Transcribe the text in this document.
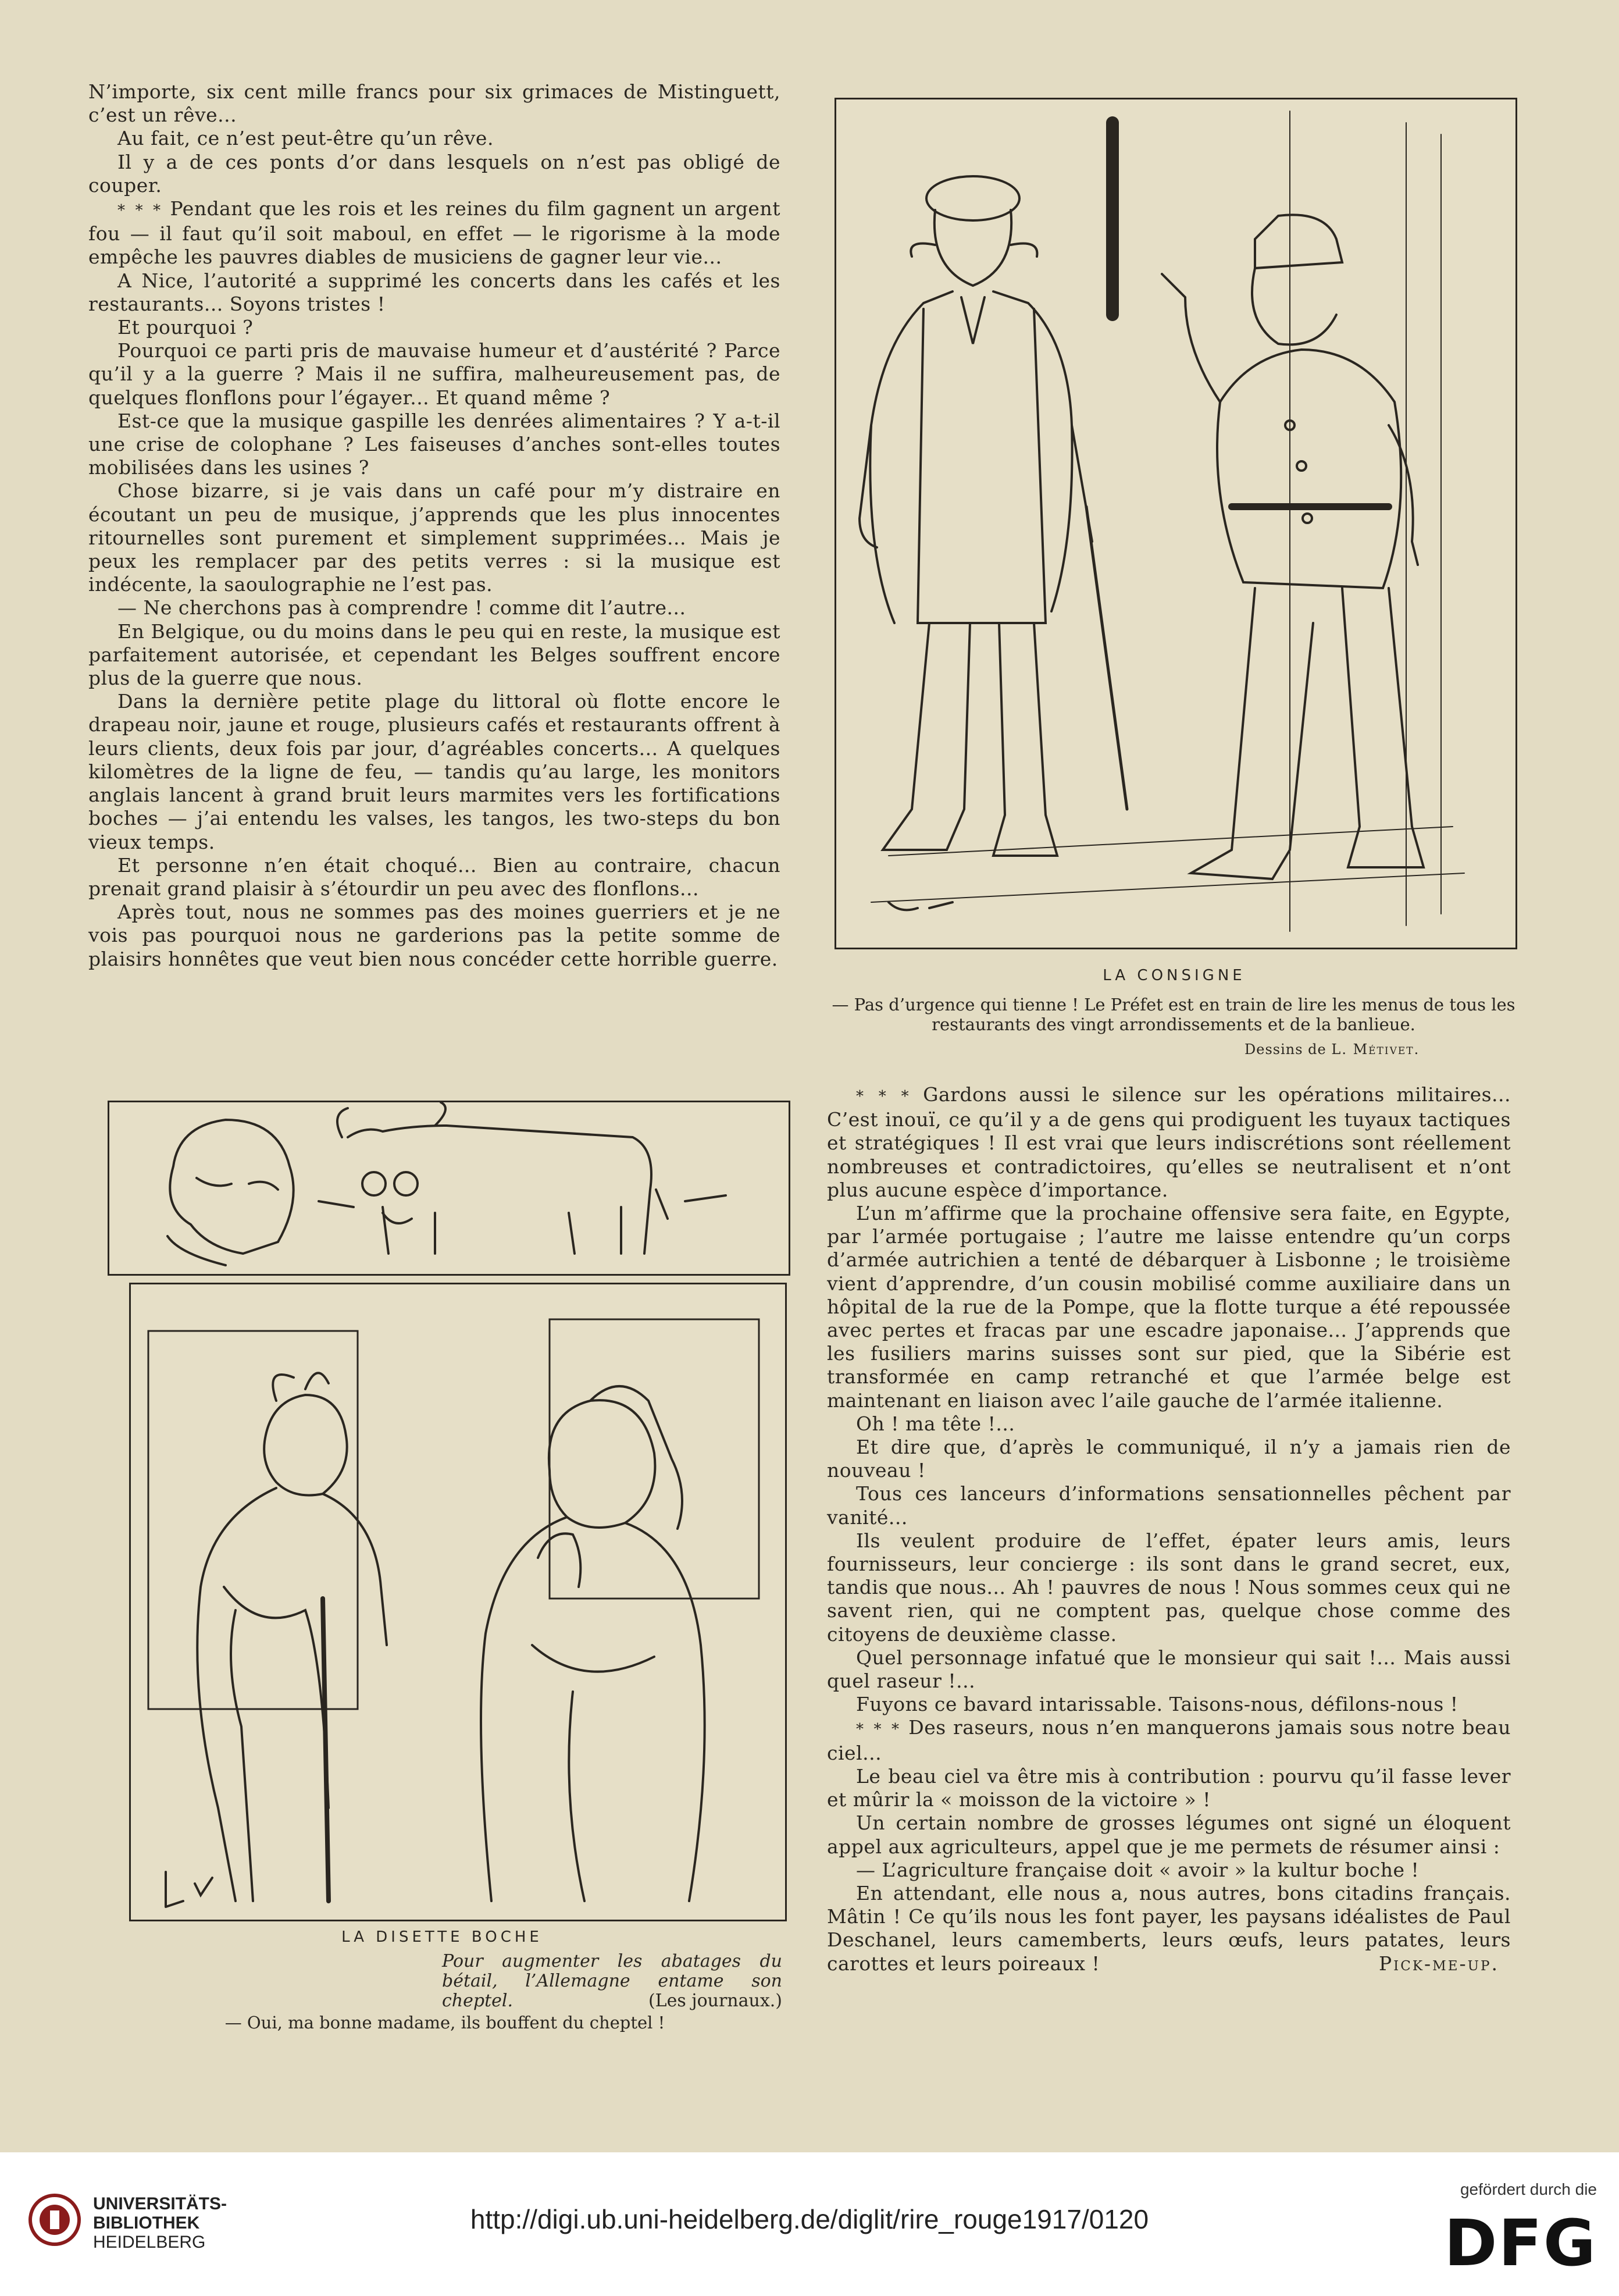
N’importe, six cent mille francs pour six grimaces de Mistinguett, c’est un rêve...

Au fait, ce n’est peut-être qu’un rêve.

Il y a de ces ponts d’or dans lesquels on n’est pas obligé de couper.

* * * Pendant que les rois et les reines du film gagnent un argent fou — il faut qu’il soit maboul, en effet — le rigorisme à la mode empêche les pauvres diables de musiciens de gagner leur vie...

A Nice, l’autorité a supprimé les concerts dans les cafés et les restaurants... Soyons tristes !

Et pourquoi ?

Pourquoi ce parti pris de mauvaise humeur et d’austérité ? Parce qu’il y a la guerre ? Mais il ne suffira, malheureusement pas, de quelques flonflons pour l’égayer... Et quand même ?

Est-ce que la musique gaspille les denrées alimentaires ? Y a-t-il une crise de colophane ? Les faiseuses d’anches sont-elles toutes mobilisées dans les usines ?

Chose bizarre, si je vais dans un café pour m’y distraire en écoutant un peu de musique, j’apprends que les plus innocentes ritournelles sont purement et simplement supprimées... Mais je peux les remplacer par des petits verres : si la musique est indécente, la saoulographie ne l’est pas.

— Ne cherchons pas à comprendre ! comme dit l’autre...

En Belgique, ou du moins dans le peu qui en reste, la musique est parfaitement autorisée, et cependant les Belges souffrent encore plus de la guerre que nous.

Dans la dernière petite plage du littoral où flotte encore le drapeau noir, jaune et rouge, plusieurs cafés et restaurants offrent à leurs clients, deux fois par jour, d’agréables concerts... A quelques kilomètres de la ligne de feu, — tandis qu’au large, les monitors anglais lancent à grand bruit leurs marmites vers les fortifications boches — j’ai entendu les valses, les tangos, les two-steps du bon vieux temps.

Et personne n’en était choqué... Bien au contraire, chacun prenait grand plaisir à s’étourdir un peu avec des flonflons...

Après tout, nous ne sommes pas des moines guerriers et je ne vois pas pourquoi nous ne garderions pas la petite somme de plaisirs honnêtes que veut bien nous concéder cette horrible guerre.

LA CONSIGNE
— Pas d’urgence qui tienne ! Le Préfet est en train de lire les menus de tous les restaurants des vingt arrondissements et de la banlieue.
Dessins de L. Métivet.
LA DISETTE BOCHE
Pour augmenter les abatages du bétail, l’Allemagne entame son cheptel.	(Les journaux.)
— Oui, ma bonne madame, ils bouffent du cheptel !

* * * Gardons aussi le silence sur les opérations militaires... C’est inouï, ce qu’il y a de gens qui prodiguent les tuyaux tactiques et stratégiques ! Il est vrai que leurs indiscrétions sont réellement nombreuses et contradictoires, qu’elles se neutralisent et n’ont plus aucune espèce d’importance.

L’un m’affirme que la prochaine offensive sera faite, en Egypte, par l’armée portugaise ; l’autre me laisse entendre qu’un corps d’armée autrichien a tenté de débarquer à Lisbonne ; le troisième vient d’apprendre, d’un cousin mobilisé comme auxiliaire dans un hôpital de la rue de la Pompe, que la flotte turque a été repoussée avec pertes et fracas par une escadre japonaise... J’apprends que les fusiliers marins suisses sont sur pied, que la Sibérie est transformée en camp retranché et que l’armée belge est maintenant en liaison avec l’aile gauche de l’armée italienne.

Oh ! ma tête !...

Et dire que, d’après le communiqué, il n’y a jamais rien de nouveau !

Tous ces lanceurs d’informations sensationnelles pêchent par vanité...

Ils veulent produire de l’effet, épater leurs amis, leurs fournisseurs, leur concierge : ils sont dans le grand secret, eux, tandis que nous... Ah ! pauvres de nous ! Nous sommes ceux qui ne savent rien, qui ne comptent pas, quelque chose comme des citoyens de deuxième classe.

Quel personnage infatué que le monsieur qui sait !... Mais aussi quel raseur !...

Fuyons ce bavard intarissable. Taisons-nous, défilons-nous !

* * * Des raseurs, nous n’en manquerons jamais sous notre beau ciel...

Le beau ciel va être mis à contribution : pourvu qu’il fasse lever et mûrir la « moisson de la victoire » !

Un certain nombre de grosses légumes ont signé un éloquent appel aux agriculteurs, appel que je me permets de résumer ainsi :

— L’agriculture française doit « avoir » la kultur boche !

En attendant, elle nous a, nous autres, bons citadins français. Mâtin ! Ce qu’ils nous les font payer, les paysans idéalistes de Paul Deschanel, leurs camemberts, leurs œufs, leurs patates, leurs carottes et leurs poireaux !	Pick-me-up.

UNIVERSITÄTS-
BIBLIOTHEK
HEIDELBERG
http://digi.ub.uni-heidelberg.de/diglit/rire_rouge1917/0120
gefördert durch die
DFG
